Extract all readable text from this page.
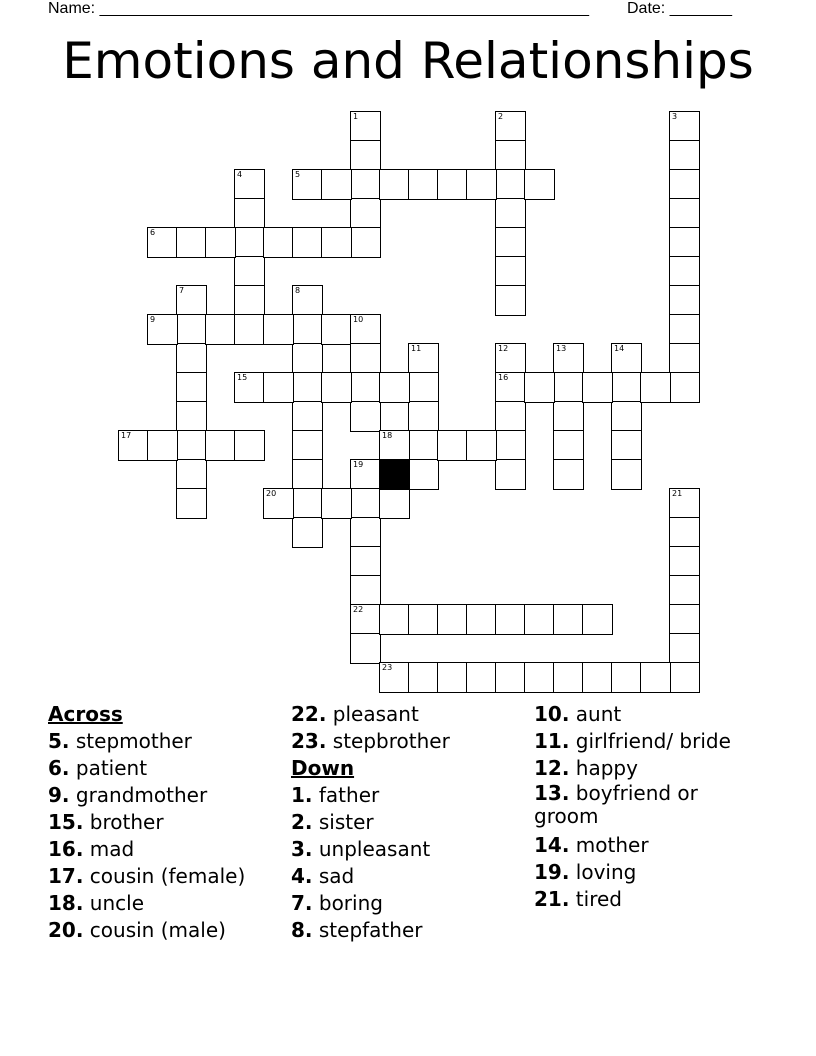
Name: _______________________________________________________ Date: _______
Emotions and Relationships
1	2	3
4	5
6
7	8
9	10
11	12
16
13	14
15
17	18
19
22
20	21
23
Across
5. stepmother
6. patient
9. grandmother
15. brother
16. mad
17. cousin (female)
18. uncle
20. cousin (male)
22. pleasant
23. stepbrother
Down
1. father
2. sister
3. unpleasant
4. sad
7. boring
8. stepfather
10. aunt
11. girlfriend/ bride
12. happy
13. boyfriend or groom
14. mother
19. loving
21. tired
